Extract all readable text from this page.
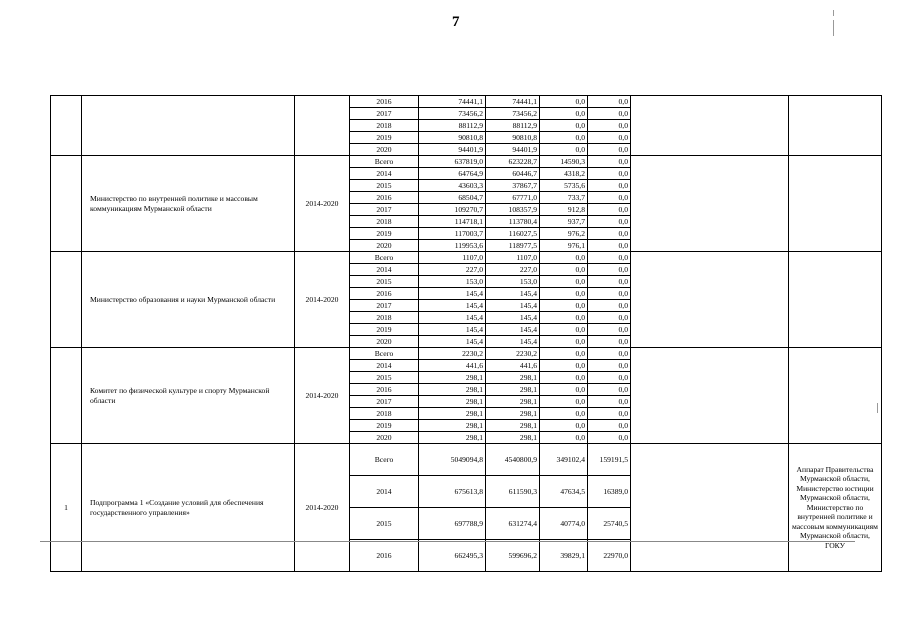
7
			2016	74441,1	74441,1	0,0	0,0		
			2017	73456,2	73456,2	0,0	0,0		
			2018	88112,9	88112,9	0,0	0,0		
			2019	90810,8	90810,8	0,0	0,0		
			2020	94401,9	94401,9	0,0	0,0		
	Министерство по внутренней политике и массовым коммуникациям Мурманской области	2014-2020	Всего	637819,0	623228,7	14590,3	0,0		
			2014	64764,9	60446,7	4318,2	0,0		
			2015	43603,3	37867,7	5735,6	0,0		
			2016	68504,7	67771,0	733,7	0,0		
			2017	109270,7	108357,9	912,8	0,0		
			2018	114718,1	113780,4	937,7	0,0		
			2019	117003,7	116027,5	976,2	0,0		
			2020	119953,6	118977,5	976,1	0,0		
	Министерство образования и науки Мурманской области	2014-2020	Всего	1107,0	1107,0	0,0	0,0		
			2014	227,0	227,0	0,0	0,0		
			2015	153,0	153,0	0,0	0,0		
			2016	145,4	145,4	0,0	0,0		
			2017	145,4	145,4	0,0	0,0		
			2018	145,4	145,4	0,0	0,0		
			2019	145,4	145,4	0,0	0,0		
			2020	145,4	145,4	0,0	0,0		
	Комитет по физической культуре и спорту Мурманской области	2014-2020	Всего	2230,2	2230,2	0,0	0,0		
			2014	441,6	441,6	0,0	0,0		
			2015	298,1	298,1	0,0	0,0		
			2016	298,1	298,1	0,0	0,0		
			2017	298,1	298,1	0,0	0,0		
			2018	298,1	298,1	0,0	0,0		
			2019	298,1	298,1	0,0	0,0		
			2020	298,1	298,1	0,0	0,0		
1	Подпрограмма 1 «Создание условий для обеспечения государственного управления»	2014-2020	Всего	5049094,8	4540800,9	349102,4	159191,5		Аппарат Правительства Мурманской области, Министерство юстиции Мурманской области, Министерство по внутренней политике и массовым коммуникациям Мурманской области, ГОКУ
			2014	675613,8	611590,3	47634,5	16389,0		
			2015	697788,9	631274,4	40774,0	25740,5		
			2016	662495,3	599696,2	39829,1	22970,0		
